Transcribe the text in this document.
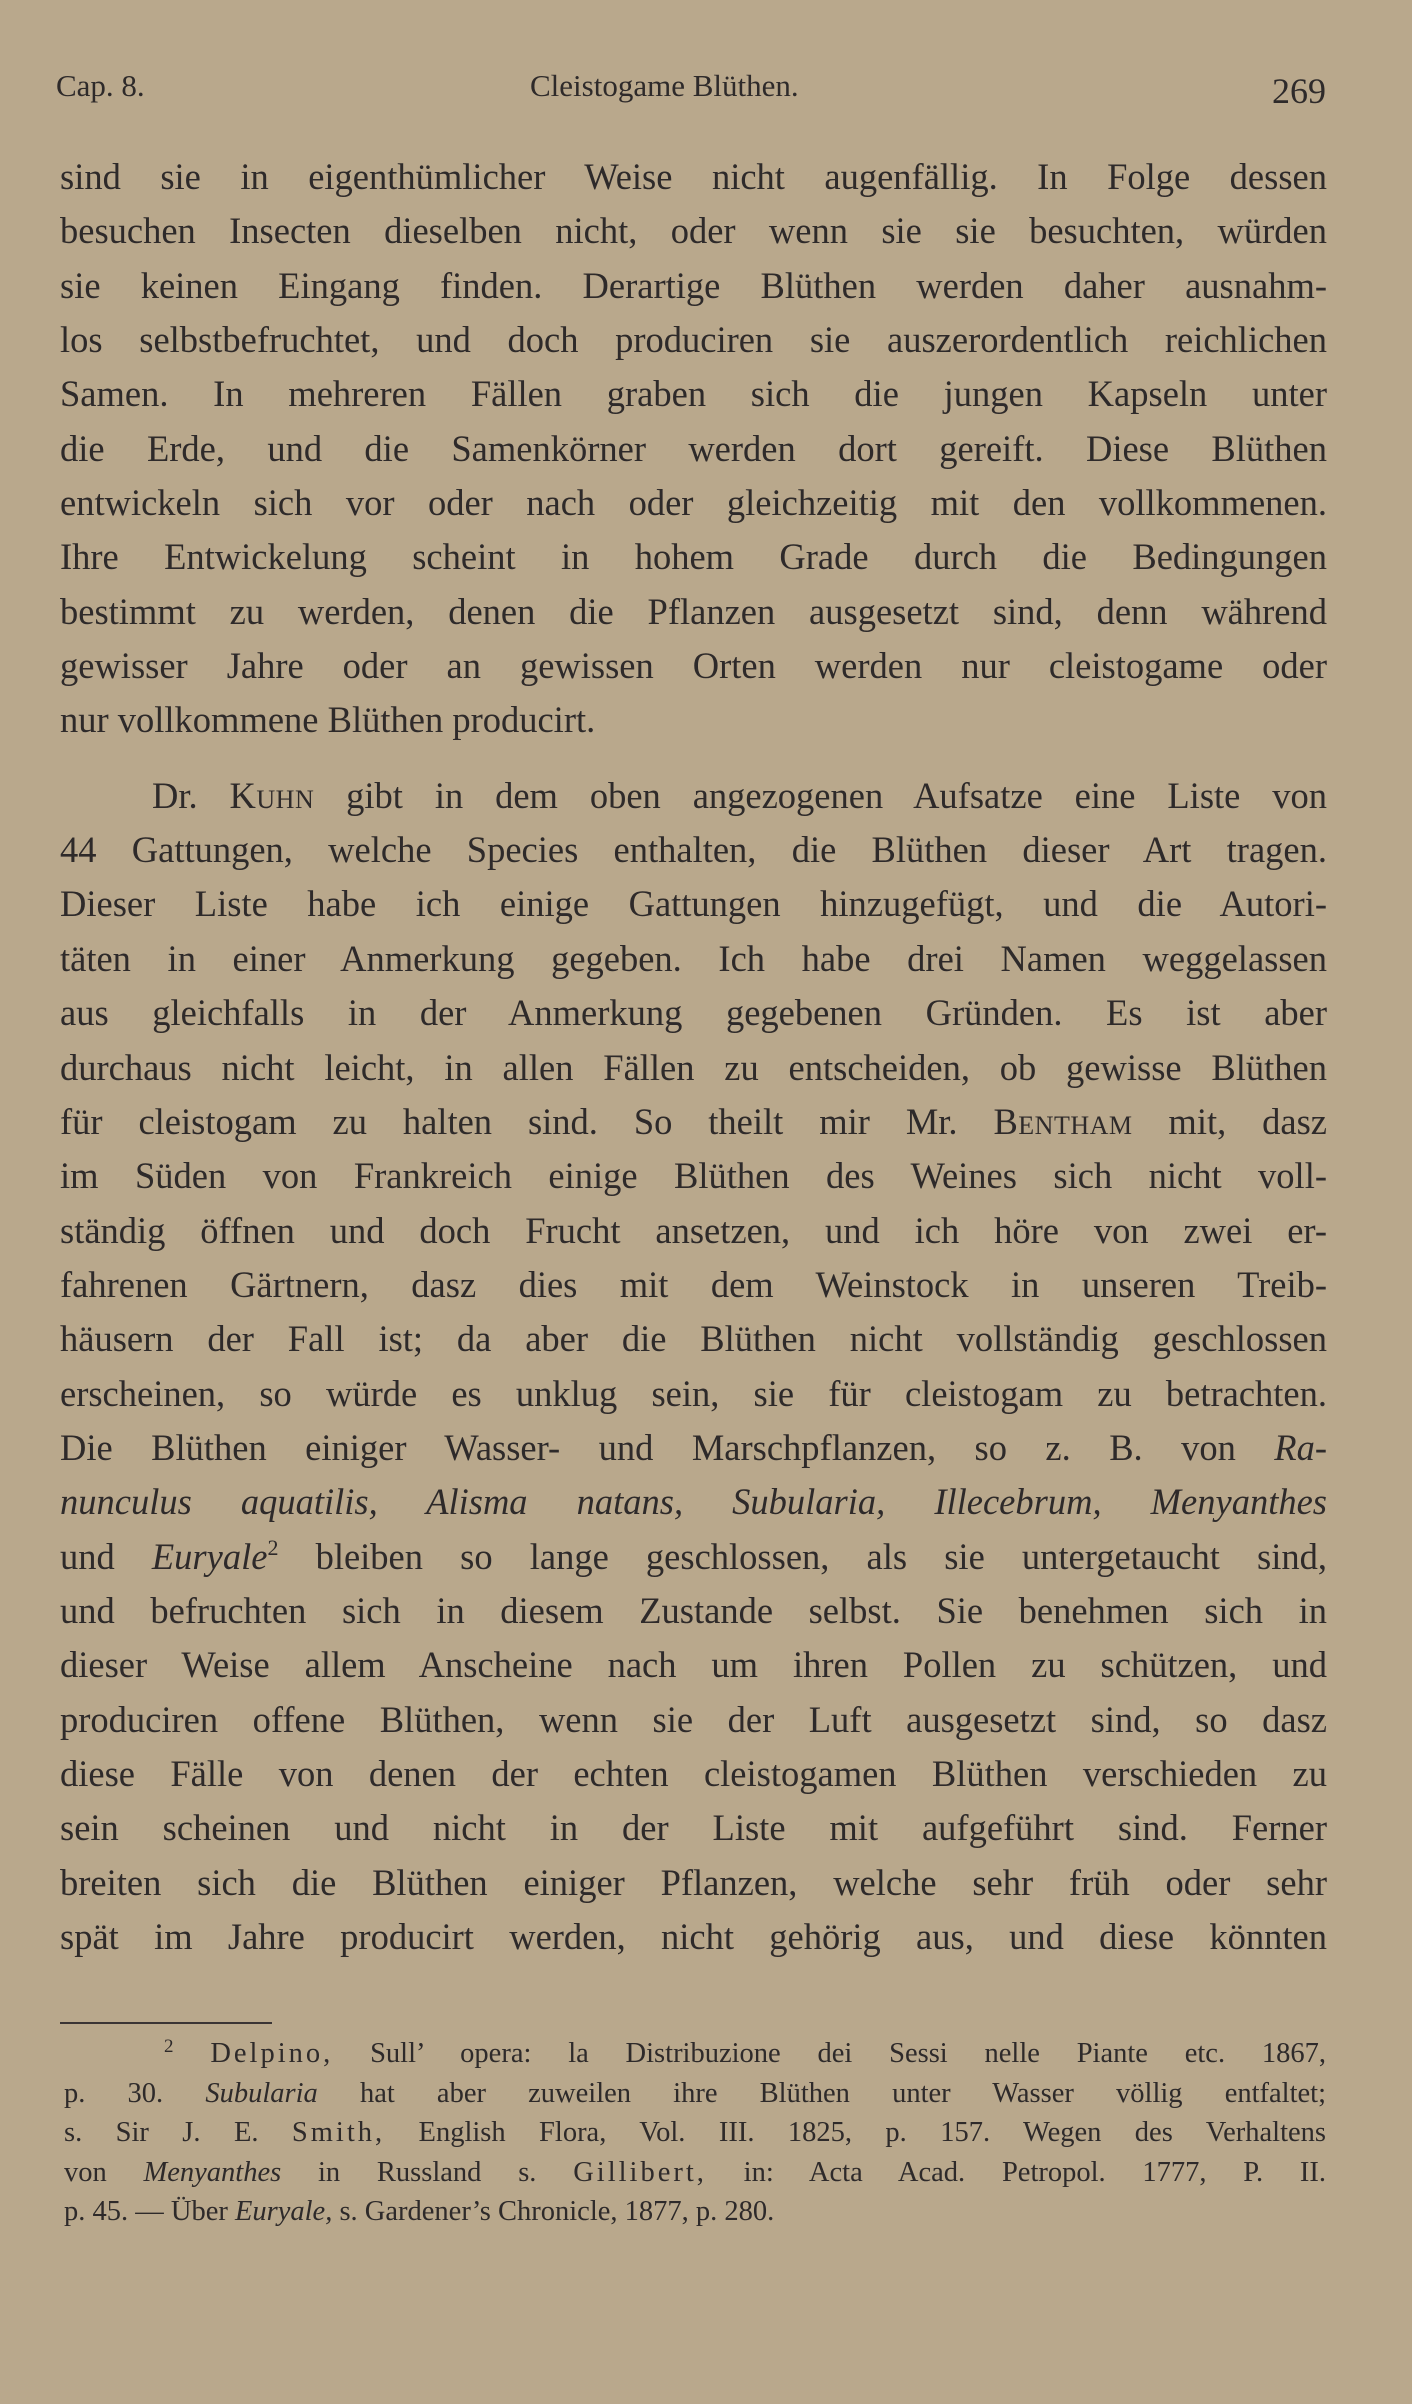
Cap. 8.	Cleistogame Blüthen.	269
sind sie in eigenthümlicher Weise nicht augenfällig. In Folge dessen
besuchen Insecten dieselben nicht, oder wenn sie sie besuchten, würden
sie keinen Eingang finden. Derartige Blüthen werden daher ausnahm-
los selbstbefruchtet, und doch produciren sie auszerordentlich reichlichen
Samen. In mehreren Fällen graben sich die jungen Kapseln unter
die Erde, und die Samenkörner werden dort gereift. Diese Blüthen
entwickeln sich vor oder nach oder gleichzeitig mit den vollkommenen.
Ihre Entwickelung scheint in hohem Grade durch die Bedingungen
bestimmt zu werden, denen die Pflanzen ausgesetzt sind, denn während
gewisser Jahre oder an gewissen Orten werden nur cleistogame oder
nur vollkommene Blüthen producirt.
Dr. Kuhn gibt in dem oben angezogenen Aufsatze eine Liste von
44 Gattungen, welche Species enthalten, die Blüthen dieser Art tragen.
Dieser Liste habe ich einige Gattungen hinzugefügt, und die Autori-
täten in einer Anmerkung gegeben. Ich habe drei Namen weggelassen
aus gleichfalls in der Anmerkung gegebenen Gründen. Es ist aber
durchaus nicht leicht, in allen Fällen zu entscheiden, ob gewisse Blüthen
für cleistogam zu halten sind. So theilt mir Mr. Bentham mit, dasz
im Süden von Frankreich einige Blüthen des Weines sich nicht voll-
ständig öffnen und doch Frucht ansetzen, und ich höre von zwei er-
fahrenen Gärtnern, dasz dies mit dem Weinstock in unseren Treib-
häusern der Fall ist; da aber die Blüthen nicht vollständig geschlossen
erscheinen, so würde es unklug sein, sie für cleistogam zu betrachten.
Die Blüthen einiger Wasser- und Marschpflanzen, so z. B. von Ra-
nunculus aquatilis, Alisma natans, Subularia, Illecebrum, Menyanthes
und Euryale$^2$ bleiben so lange geschlossen, als sie untergetaucht sind,
und befruchten sich in diesem Zustande selbst. Sie benehmen sich in
dieser Weise allem Anscheine nach um ihren Pollen zu schützen, und
produciren offene Blüthen, wenn sie der Luft ausgesetzt sind, so dasz
diese Fälle von denen der echten cleistogamen Blüthen verschieden zu
sein scheinen und nicht in der Liste mit aufgeführt sind. Ferner
breiten sich die Blüthen einiger Pflanzen, welche sehr früh oder sehr
spät im Jahre producirt werden, nicht gehörig aus, und diese könnten
$^2$ Delpino, Sull’ opera: la Distribuzione dei Sessi nelle Piante etc. 1867,
p. 30. Subularia hat aber zuweilen ihre Blüthen unter Wasser völlig entfaltet;
s. Sir J. E. Smith, English Flora, Vol. III. 1825, p. 157. Wegen des Verhaltens
von Menyanthes in Russland s. Gillibert, in: Acta Acad. Petropol. 1777, P. II.
p. 45. — Über Euryale, s. Gardener’s Chronicle, 1877, p. 280.
